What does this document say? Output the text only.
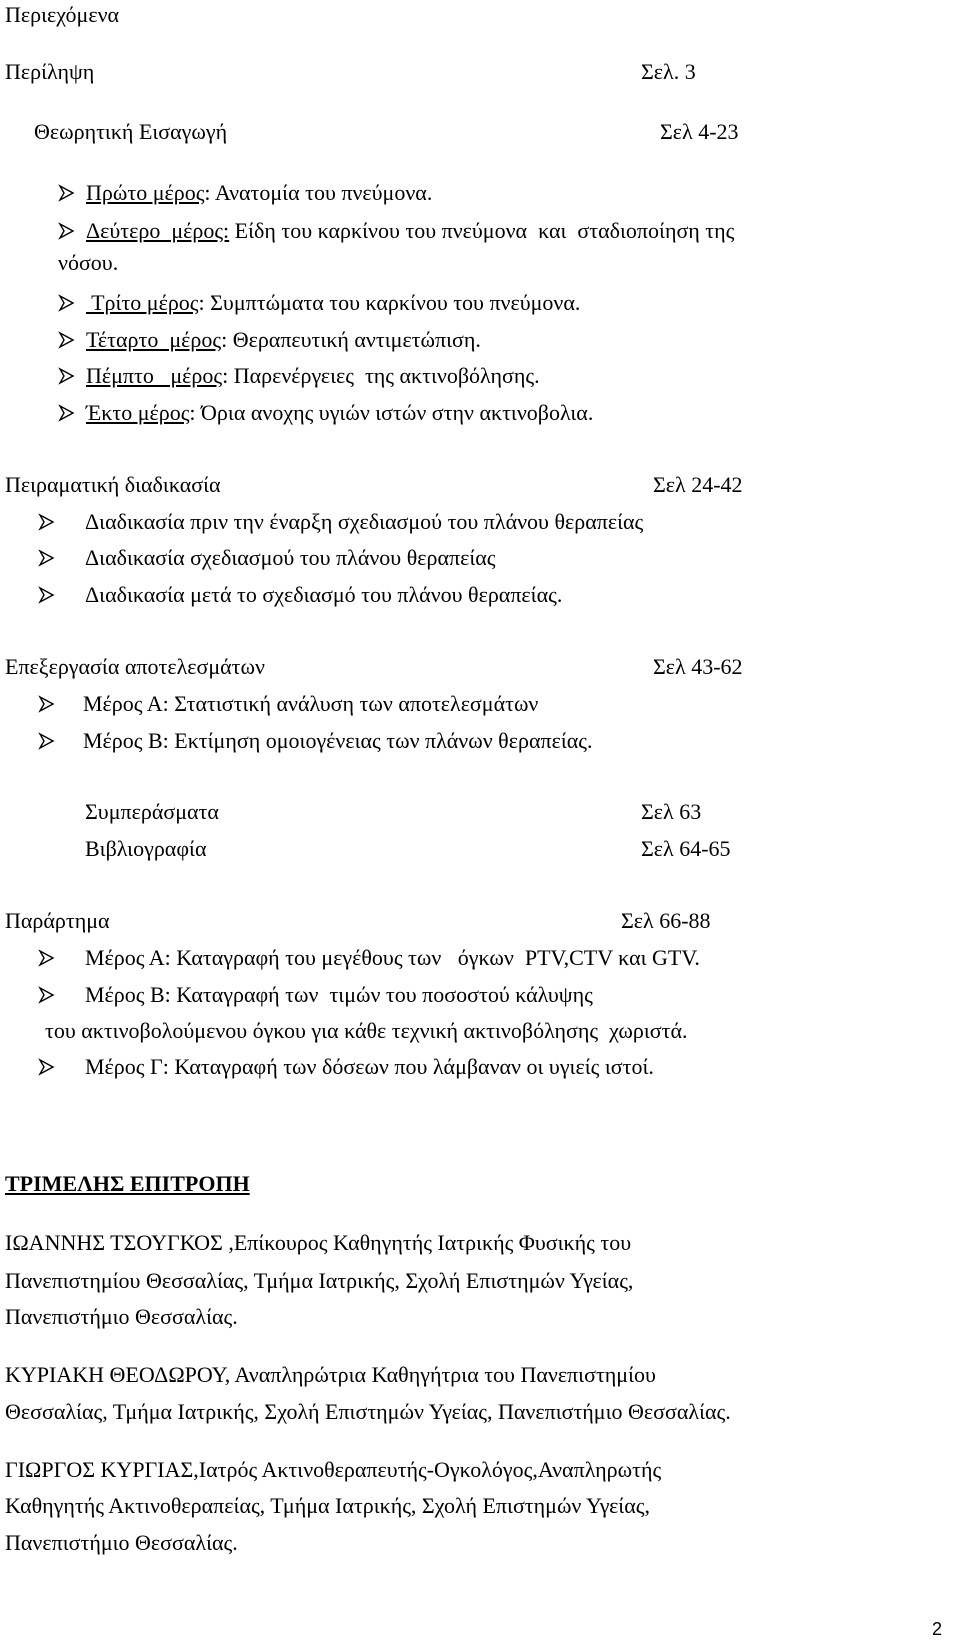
Περιεχόμενα
Περίληψη	Σελ. 3
Θεωρητική Εισαγωγή	Σελ 4-23
Πρώτο μέρος: Ανατομία του πνεύμονα.
Δεύτερο  μέρος: Είδη του καρκίνου του πνεύμονα  και  σταδιοποίηση της
νόσου.
Τρίτο μέρος: Συμπτώματα του καρκίνου του πνεύμονα.
Τέταρτο  μέρος: Θεραπευτική αντιμετώπιση.
Πέμπτο   μέρος: Παρενέργειες  της ακτινοβόλησης.
Έκτο μέρος: Όρια ανοχης υγιών ιστών στην ακτινοβολια.
Πειραματική διαδικασία	Σελ 24-42
Διαδικασία πριν την έναρξη σχεδιασμού του πλάνου θεραπείας
Διαδικασία σχεδιασμού του πλάνου θεραπείας
Διαδικασία μετά το σχεδιασμό του πλάνου θεραπείας.
Επεξεργασία αποτελεσμάτων	Σελ 43-62
Μέρος Α: Στατιστική ανάλυση των αποτελεσμάτων
Μέρος Β: Εκτίμηση ομοιογένειας των πλάνων θεραπείας.
Συμπεράσματα	Σελ 63
Βιβλιογραφία	Σελ 64-65
Παράρτημα	Σελ 66-88
Μέρος Α: Καταγραφή του μεγέθους των   όγκων  PTV,CTV και GTV.
Μέρος Β: Καταγραφή των  τιμών του ποσοστού κάλυψης
του ακτινοβολούμενου όγκου για κάθε τεχνική ακτινοβόλησης  χωριστά.
Μέρος Γ: Καταγραφή των δόσεων που λάμβαναν οι υγιείς ιστοί.
ΤΡΙΜΕΛΗΣ ΕΠΙΤΡΟΠΗ
ΙΩΑΝΝΗΣ ΤΣΟΥΓΚΟΣ ,Επίκουρος Καθηγητής Ιατρικής Φυσικής του
Πανεπιστημίου Θεσσαλίας, Τμήμα Ιατρικής, Σχολή Επιστημών Υγείας,
Πανεπιστήμιο Θεσσαλίας.
ΚΥΡΙΑΚΗ ΘΕΟΔΩΡΟΥ, Αναπληρώτρια Καθηγήτρια του Πανεπιστημίου
Θεσσαλίας, Τμήμα Ιατρικής, Σχολή Επιστημών Υγείας, Πανεπιστήμιο Θεσσαλίας.
ΓΙΩΡΓΟΣ ΚΥΡΓΙΑΣ,Ιατρός Ακτινοθεραπευτής-Ογκολόγος,Αναπληρωτής
Καθηγητής Ακτινοθεραπείας, Τμήμα Ιατρικής, Σχολή Επιστημών Υγείας,
Πανεπιστήμιο Θεσσαλίας.
2
